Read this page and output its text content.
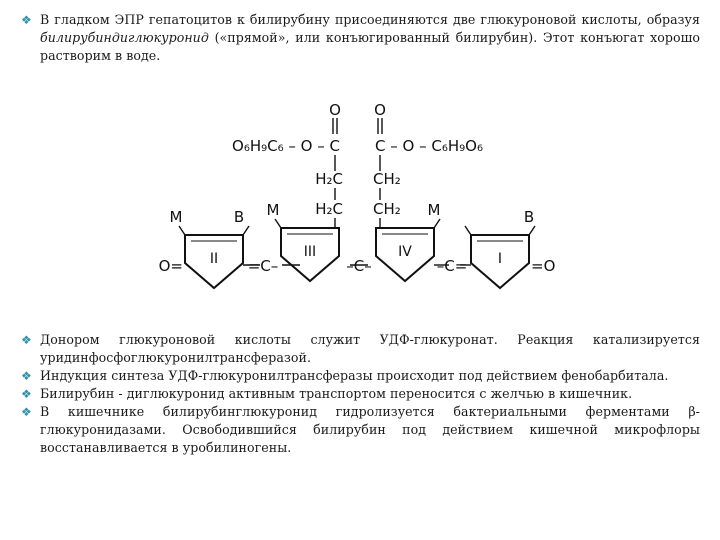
❖ В гладком ЭПР гепатоцитов к билирубину присоединяются две глюкуроновой кислоты, образуя билирубиндиглюкуронид («прямой», или конъюгированный билирубин). Этот конъюгат хорошо растворим в воде.
O O
O₆H₉C₆ – O – C C – O – C₆H₉O₆
H₂C
H₂C
CH₂
CH₂
M	B M	M	B
II	III	IV	I
O=	=O
=C–	–C–	–C=
❖ Донором глюкуроновой кислоты служит УДФ-глюкуронат. Реакция катализируется уридинфосфоглюкуронилтрансферазой.
❖ Индукция синтеза УДФ-глюкуронилтрансферазы происходит под действием фенобарбитала.
❖ Билирубин - диглюкуронид активным транспортом переносится с желчью в кишечник.
❖ В кишечнике билирубинглюкуронид гидролизуется бактериальными ферментами β-глюкуронидазами. Освободившийся билирубин под действием кишечной микрофлоры восстанавливается в уробилиногены.
